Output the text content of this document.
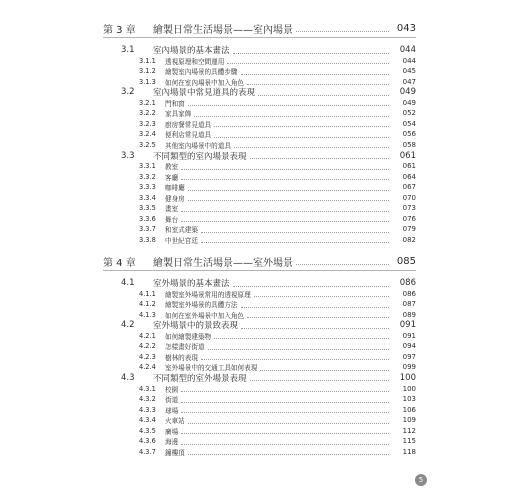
第 3 章	繪製日常生活場景——室內場景	043
3.1	室內場景的基本畫法	044
3.1.1	透視原理和空間運用	044
3.1.2	繪製室內場景的具體步驟	045
3.1.3	如何在室內場景中加入角色	047
3.2	室內場景中常見道具的表現	049
3.2.1	門和窗	049
3.2.2	家具家飾	052
3.2.3	廚房餐常見道具	054
3.2.4	便利店常見道具	056
3.2.5	其他室內場景中的道具	058
3.3	不同類型的室內場景表現	061
3.3.1	教室	061
3.3.2	客廳	064
3.3.3	咖啡廳	067
3.3.4	健身房	070
3.3.5	畫室	073
3.3.6	舞台	076
3.3.7	和室式建築	079
3.3.8	中世紀宮廷	082
第 4 章	繪製日常生活場景——室外場景	085
4.1	室外場景的基本畫法	086
4.1.1	繪製室外場景常用的透視原理	086
4.1.2	繪製室外場景的具體方法	087
4.1.3	如何在室外場景中加入角色	089
4.2	室外場景中的景致表現	091
4.2.1	如何繪製建築物	091
4.2.2	怎樣畫好街道	094
4.2.3	樹林的表現	097
4.2.4	室外場景中的交通工具如何表現	099
4.3	不同類型的室外場景表現	100
4.3.1	校園	100
4.3.2	街道	103
4.3.3	球場	106
4.3.4	火車站	109
4.3.5	廣場	112
4.3.6	海邊	115
4.3.7	鐘樓頂	118
5
